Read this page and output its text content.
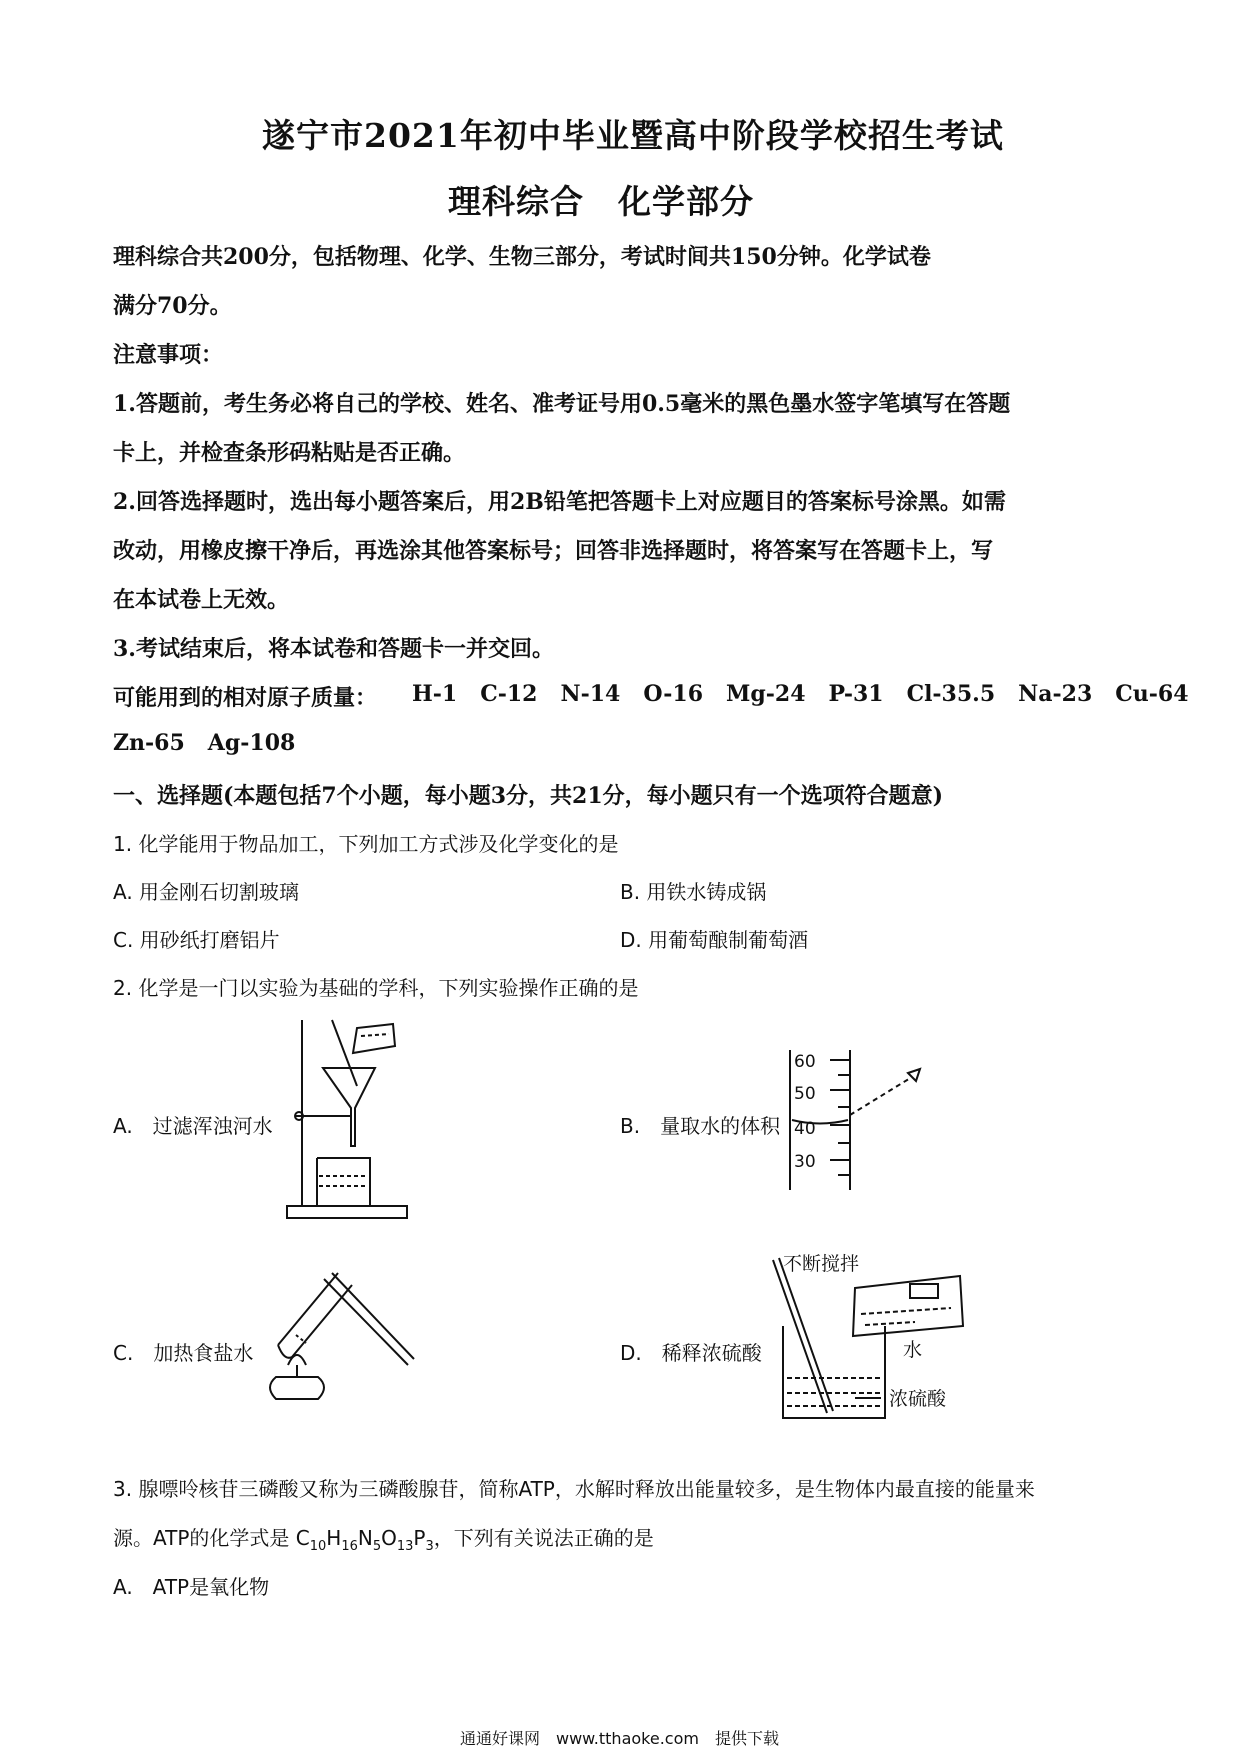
遂宁市2021年初中毕业暨高中阶段学校招生考试
理科综合　化学部分
理科综合共200分，包括物理、化学、生物三部分，考试时间共150分钟。化学试卷
满分70分。
注意事项：
1.答题前，考生务必将自己的学校、姓名、准考证号用0.5毫米的黑色墨水签字笔填写在答题
卡上，并检查条形码粘贴是否正确。
2.回答选择题时，选出每小题答案后，用2B铅笔把答题卡上对应题目的答案标号涂黑。如需
改动，用橡皮擦干净后，再选涂其他答案标号；回答非选择题时，将答案写在答题卡上，写
在本试卷上无效。
3.考试结束后，将本试卷和答题卡一并交回。
可能用到的相对原子质量： H-1 C-12 N-14 O-16 Mg-24 P-31 Cl-35.5 Na-23 Cu-64
Zn-65 Ag-108
一、选择题(本题包括7个小题，每小题3分，共21分，每小题只有一个选项符合题意)
1. 化学能用于物品加工，下列加工方式涉及化学变化的是
A. 用金刚石切割玻璃	B. 用铁水铸成锅
C. 用砂纸打磨铝片	D. 用葡萄酿制葡萄酒
2. 化学是一门以实验为基础的学科，下列实验操作正确的是
A.　过滤浑浊河水	B.　量取水的体积
C.　加热食盐水	D.　稀释浓硫酸
60
50
40
30
不断搅拌
水
浓硫酸
3. 腺嘌呤核苷三磷酸又称为三磷酸腺苷，简称ATP，水解时释放出能量较多，是生物体内最直接的能量来
源。ATP的化学式是 $C_{10}H_{16}N_5O_{13}P_3$，下列有关说法正确的是
A.　ATP是氧化物
通通好课网　www.tthaoke.com　提供下载
